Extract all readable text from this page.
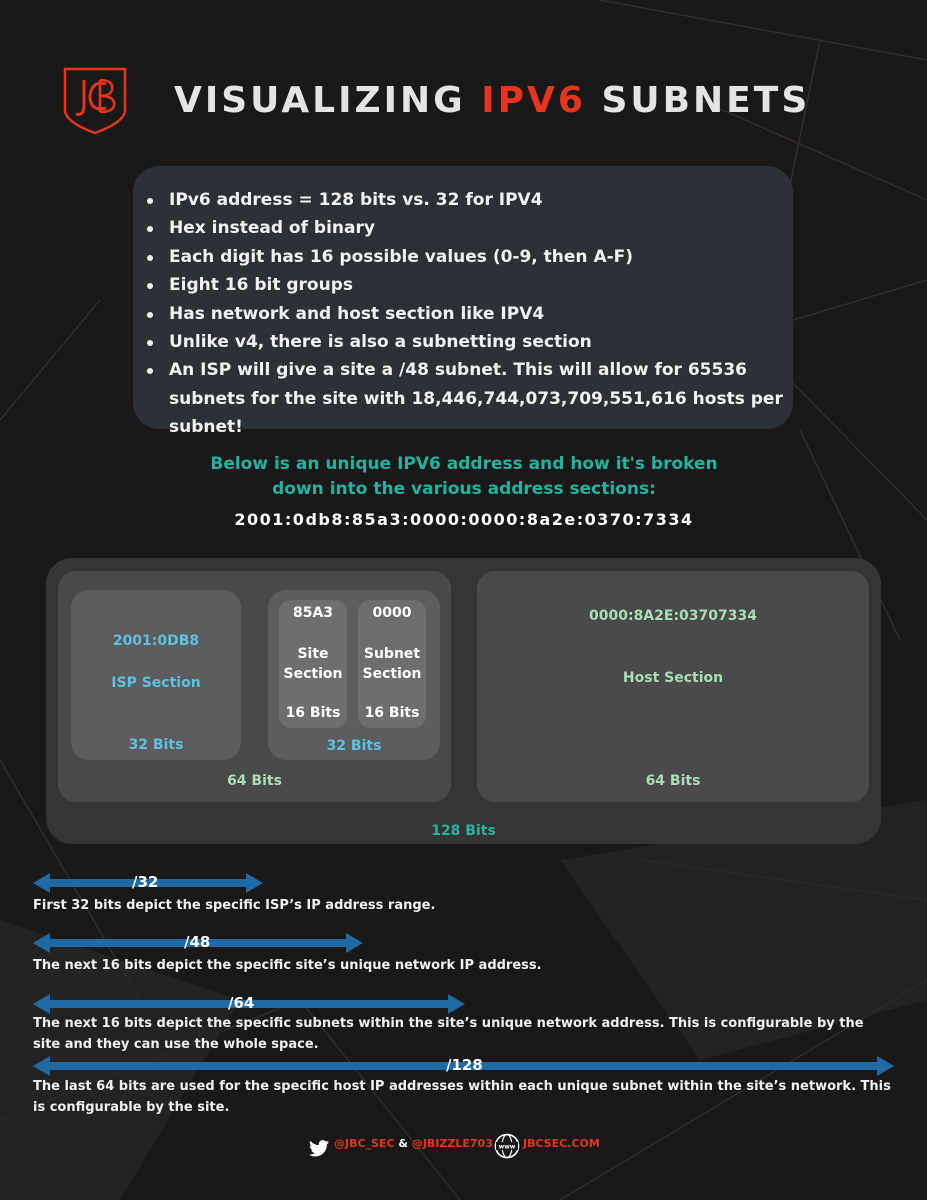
VISUALIZING IPV6 SUBNETS
IPv6 address = 128 bits vs. 32 for IPV4
Hex instead of binary
Each digit has 16 possible values (0-9, then A-F)
Eight 16 bit groups
Has network and host section like IPV4
Unlike v4, there is also a subnetting section
An ISP will give a site a /48 subnet. This will allow for 65536 subnets for the site with 18,446,744,073,709,551,616 hosts per subnet!
Below is an unique IPV6 address and how it's broken
down into the various address sections:
2001:0db8:85a3:0000:0000:8a2e:0370:7334
2001:0DB8
ISP Section
32 Bits
85A3
Site Section
16 Bits
0000
Subnet Section
16 Bits
32 Bits
64 Bits
0000:8A2E:03707334
Host Section
64 Bits
128 Bits
/32
First 32 bits depict the specific ISP’s IP address range.
/48
The next 16 bits depict the specific site’s unique network IP address.
/64
The next 16 bits depict the specific subnets within the site’s unique network address. This is configurable by the site and they can use the whole space.
/128
The last 64 bits are used for the specific host IP addresses within each unique subnet within the site’s network. This is configurable by the site.
@JBC_SEC & @JBIZZLE703 www JBCSEC.COM
